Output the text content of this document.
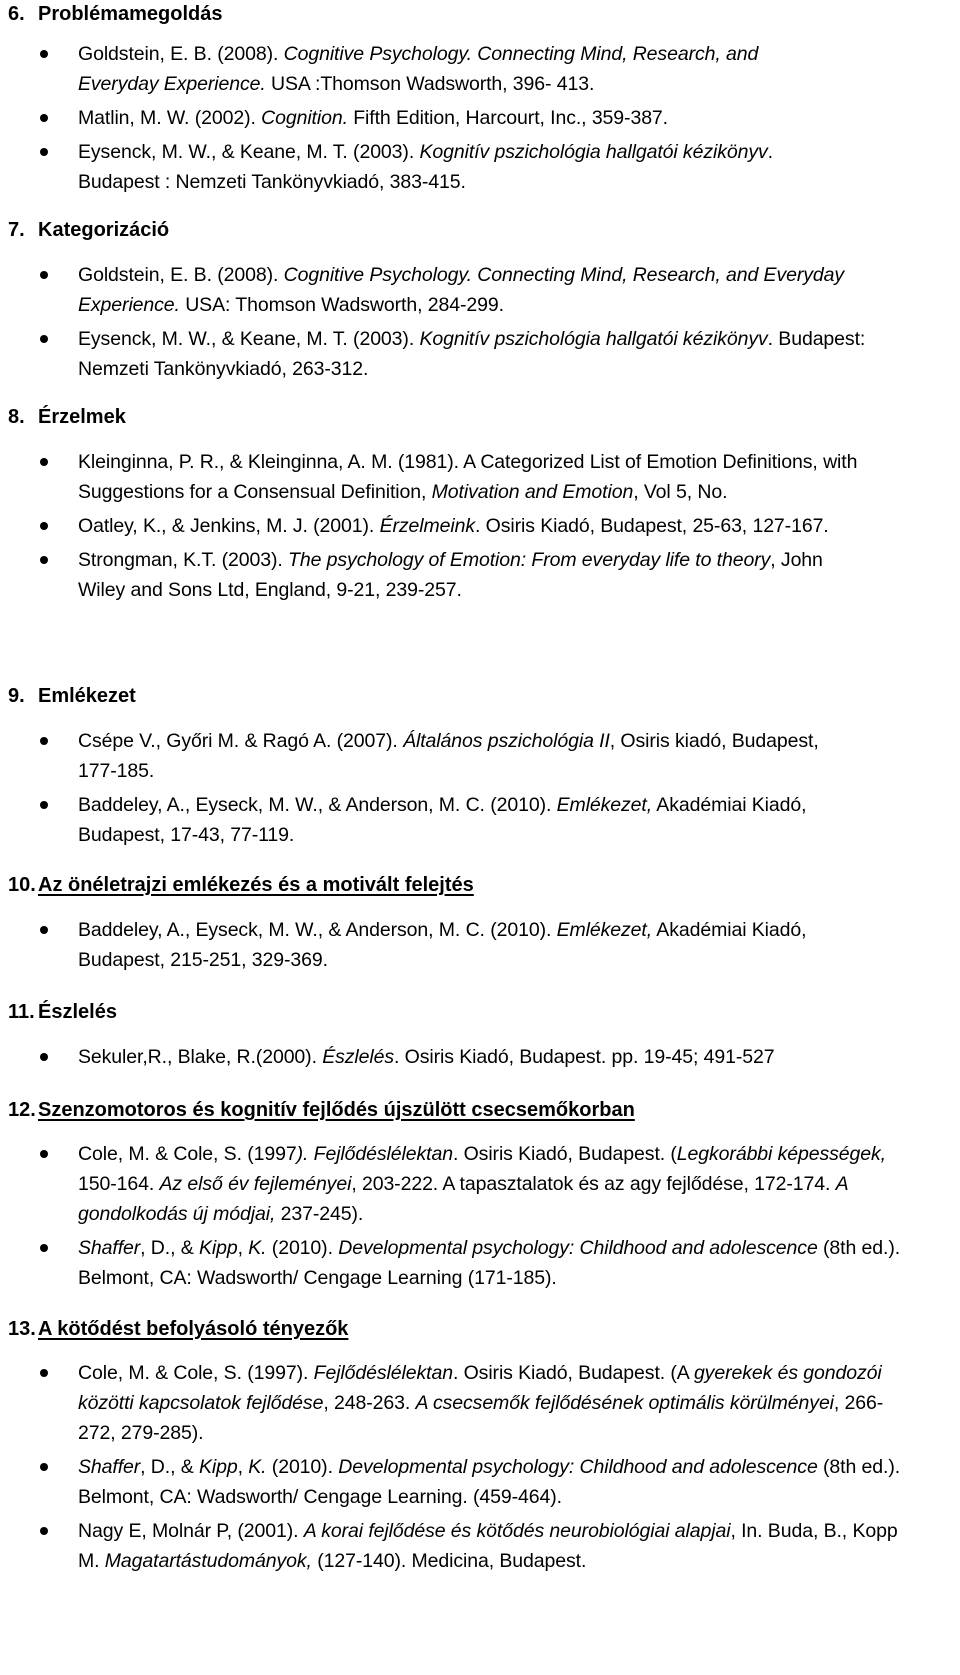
6. Problémamegoldás
Goldstein, E. B. (2008). Cognitive Psychology. Connecting Mind, Research, and Everyday Experience. USA :Thomson Wadsworth, 396- 413.
Matlin, M. W. (2002). Cognition. Fifth Edition, Harcourt, Inc., 359-387.
Eysenck, M. W., & Keane, M. T. (2003). Kognitív pszichológia hallgatói kézikönyv. Budapest : Nemzeti Tankönyvkiadó, 383-415.
7. Kategorizáció
Goldstein, E. B. (2008). Cognitive Psychology. Connecting Mind, Research, and Everyday Experience. USA: Thomson Wadsworth, 284-299.
Eysenck, M. W., & Keane, M. T. (2003). Kognitív pszichológia hallgatói kézikönyv. Budapest: Nemzeti Tankönyvkiadó, 263-312.
8. Érzelmek
Kleinginna, P. R., & Kleinginna, A. M. (1981). A Categorized List of Emotion Definitions, with Suggestions for a Consensual Definition, Motivation and Emotion, Vol 5, No.
Oatley, K., & Jenkins, M. J. (2001). Érzelmeink. Osiris Kiadó, Budapest, 25-63, 127-167.
Strongman, K.T. (2003). The psychology of Emotion: From everyday life to theory, John Wiley and Sons Ltd, England, 9-21, 239-257.
9. Emlékezet
Csépe V., Győri M. & Ragó A. (2007). Általános pszichológia II, Osiris kiadó, Budapest, 177-185.
Baddeley, A., Eyseck, M. W., & Anderson, M. C. (2010). Emlékezet, Akadémiai Kiadó, Budapest, 17-43, 77-119.
10. Az önéletrajzi emlékezés és a motivált felejtés
Baddeley, A., Eyseck, M. W., & Anderson, M. C. (2010). Emlékezet, Akadémiai Kiadó, Budapest, 215-251, 329-369.
11. Észlelés
Sekuler,R., Blake, R.(2000). Észlelés. Osiris Kiadó, Budapest. pp. 19-45; 491-527
12. Szenzomotoros és kognitív fejlődés újszülött csecsemőkorban
Cole, M. & Cole, S. (1997). Fejlődéslélektan. Osiris Kiadó, Budapest. (Legkorábbi képességek, 150-164. Az első év fejleményei, 203-222. A tapasztalatok és az agy fejlődése, 172-174. A gondolkodás új módjai, 237-245).
Shaffer, D., & Kipp, K. (2010). Developmental psychology: Childhood and adolescence (8th ed.). Belmont, CA: Wadsworth/ Cengage Learning (171-185).
13. A kötődést befolyásoló tényezők
Cole, M. & Cole, S. (1997). Fejlődéslélektan. Osiris Kiadó, Budapest. (A gyerekek és gondozói közötti kapcsolatok fejlődése, 248-263. A csecsemők fejlődésének optimális körülményei, 266-272, 279-285).
Shaffer, D., & Kipp, K. (2010). Developmental psychology: Childhood and adolescence (8th ed.). Belmont, CA: Wadsworth/ Cengage Learning. (459-464).
Nagy E, Molnár P, (2001). A korai fejlődése és kötődés neurobiológiai alapjai, In. Buda, B., Kopp M. Magatartástudományok, (127-140). Medicina, Budapest.
